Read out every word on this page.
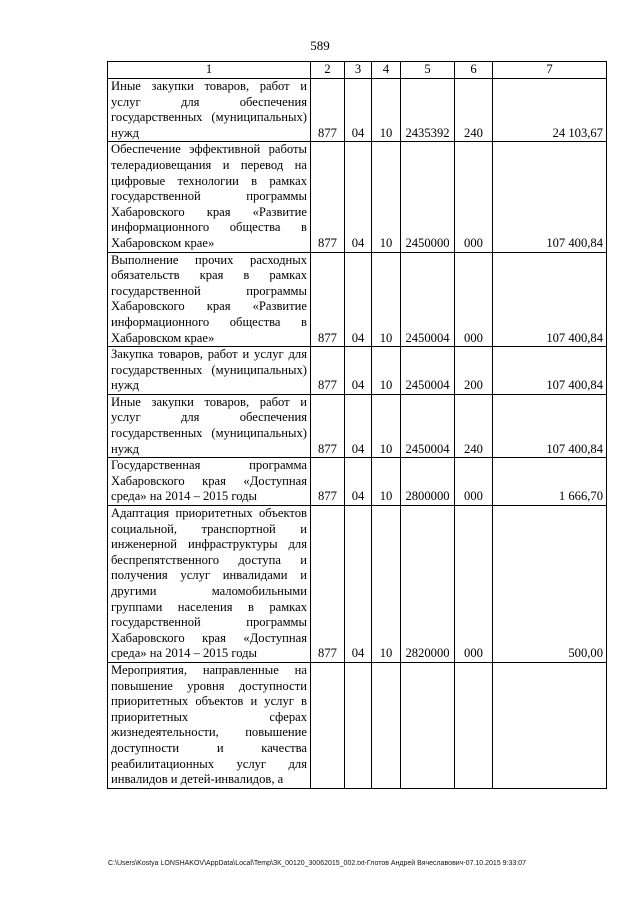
589
1	2	3	4	5	6	7
Иные закупки товаров, работ и услуг для обеспечения государственных (муниципальных) нужд	877	04	10	2435392	240	24 103,67
Обеспечение эффективной работы телерадиовещания и перевод на цифровые технологии в рамках государственной программы Хабаровского края «Развитие информационного общества в Хабаровском крае»	877	04	10	2450000	000	107 400,84
Выполнение прочих расходных обязательств края в рамках государственной программы Хабаровского края «Развитие информационного общества в Хабаровском крае»	877	04	10	2450004	000	107 400,84
Закупка товаров, работ и услуг для государственных (муниципальных) нужд	877	04	10	2450004	200	107 400,84
Иные закупки товаров, работ и услуг для обеспечения государственных (муниципальных) нужд	877	04	10	2450004	240	107 400,84
Государственная программа Хабаровского края «Доступная среда» на 2014 – 2015 годы	877	04	10	2800000	000	1 666,70
Адаптация приоритетных объектов социальной, транспортной и инженерной инфраструктуры для беспрепятственного доступа и получения услуг инвалидами и другими маломобильными группами населения в рамках государственной программы Хабаровского края «Доступная среда» на 2014 – 2015 годы	877	04	10	2820000	000	500,00
Мероприятия, направленные на повышение уровня доступности приоритетных объектов и услуг в приоритетных сферах жизнедеятельности, повышение доступности и качества реабилитационных услуг для инвалидов и детей-инвалидов, а						
C:\Users\Kostya LONSHAKOV\AppData\Local\Temp\ЗК_00120_30062015_002.txt-Глотов Андрей Вячеславович-07.10.2015 9:33:07
